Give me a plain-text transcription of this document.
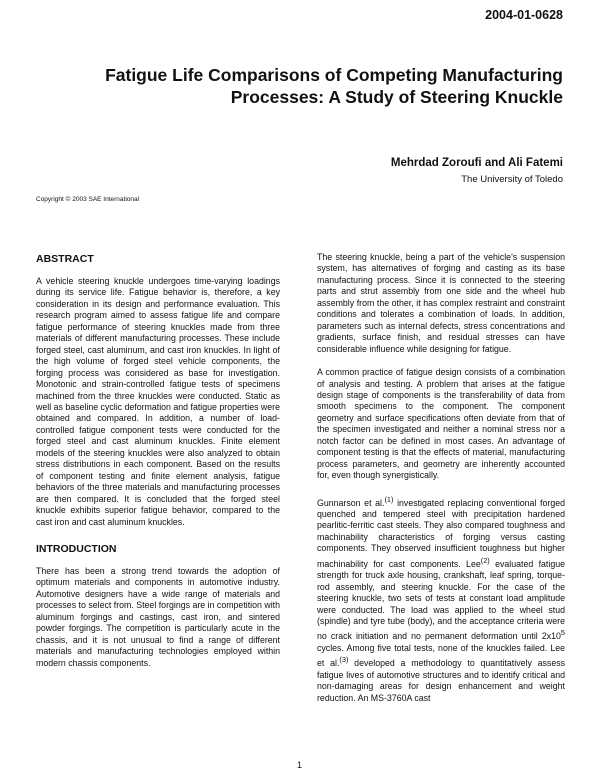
2004-01-0628
Fatigue Life Comparisons of Competing Manufacturing
Processes: A Study of Steering Knuckle
Mehrdad Zoroufi and Ali Fatemi
The University of Toledo
Copyright © 2003 SAE International
ABSTRACT

A vehicle steering knuckle undergoes time-varying loadings during its service life. Fatigue behavior is, therefore, a key consideration in its design and performance evaluation. This research program aimed to assess fatigue life and compare fatigue performance of steering knuckles made from three materials of different manufacturing processes. These include forged steel, cast aluminum, and cast iron knuckles. In light of the high volume of forged steel vehicle components, the forging process was considered as base for investigation. Monotonic and strain-controlled fatigue tests of specimens machined from the three knuckles were conducted. Static as well as baseline cyclic deformation and fatigue properties were obtained and compared. In addition, a number of load-controlled fatigue component tests were conducted for the forged steel and cast aluminum knuckles. Finite element models of the steering knuckles were also analyzed to obtain stress distributions in each component. Based on the results of component testing and finite element analysis, fatigue behaviors of the three materials and manufacturing processes are then compared. It is concluded that the forged steel knuckle exhibits superior fatigue behavior, compared to the cast iron and cast aluminum knuckles.

INTRODUCTION

There has been a strong trend towards the adoption of optimum materials and components in automotive industry. Automotive designers have a wide range of materials and processes to select from. Steel forgings are in competition with aluminum forgings and castings, cast iron, and sintered powder forgings. The competition is particularly acute in the chassis, and it is not unusual to find a range of different materials and manufacturing technologies employed within modern chassis components.

The steering knuckle, being a part of the vehicle's suspension system, has alternatives of forging and casting as its base manufacturing process. Since it is connected to the steering parts and strut assembly from one side and the wheel hub assembly from the other, it has complex restraint and constraint conditions and tolerates a combination of loads. In addition, parameters such as internal defects, stress concentrations and gradients, surface finish, and residual stresses can have considerable influence while designing for fatigue.

A common practice of fatigue design consists of a combination of analysis and testing. A problem that arises at the fatigue design stage of components is the transferability of data from smooth specimens to the component. The component geometry and surface specifications often deviate from that of the specimen investigated and neither a nominal stress nor a notch factor can be defined in most cases. An advantage of component testing is that the effects of material, manufacturing process parameters, and geometry are inherently accounted for, even though synergistically.

Gunnarson et al.$^{(1)}$ investigated replacing conventional forged quenched and tempered steel with precipitation hardened pearlitic-ferritic cast steels. They also compared toughness and machinability characteristics of forging versus casting components. They observed insufficient toughness but higher machinability for cast components. Lee$^{(2)}$ evaluated fatigue strength for truck axle housing, crankshaft, leaf spring, torque-rod assembly, and steering knuckle. For the case of the steering knuckle, two sets of tests at constant load amplitude were conducted. The load was applied to the wheel stud (spindle) and tyre tube (body), and the acceptance criteria were no crack initiation and no permanent deformation until $2x10^5$ cycles. Among five total tests, none of the knuckles failed. Lee et al.$^{(3)}$ developed a methodology to quantitatively assess fatigue lives of automotive structures and to identify critical and non-damaging areas for design enhancement and weight reduction. An MS-3760A cast

1
